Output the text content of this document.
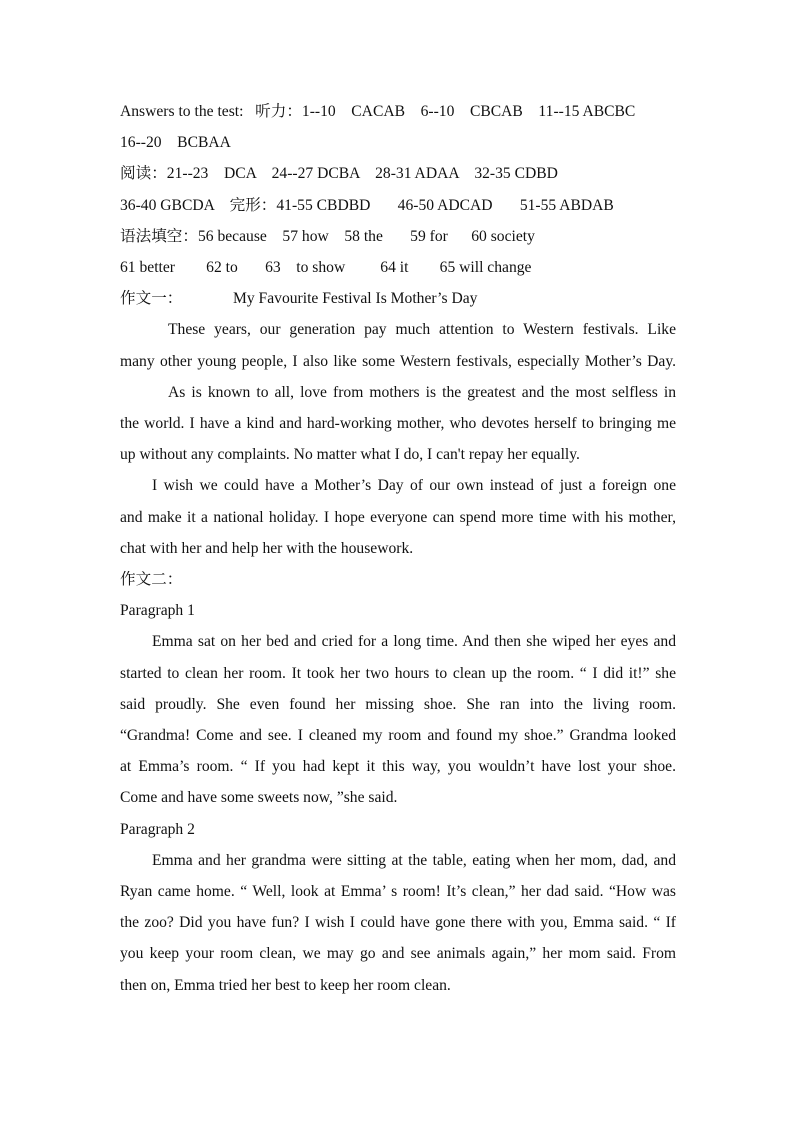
Answers to the test:   听力：1--10    CACAB    6--10    CBCAB    11--15 ABCBC
16--20    BCBAA
阅读：21--23    DCA    24--27 DCBA    28-31 ADAA    32-35 CDBD
36-40 GBCDA    完形：41-55 CBDBD       46-50 ADCAD       51-55 ABDAB
语法填空：56 because    57 how    58 the       59 for      60 society
61 better        62 to       63    to show         64 it        65 will change
作文一：	My Favourite Festival Is Mother’s Day
These years, our generation pay much attention to Western festivals. Like
many other young people, I also like some Western festivals, especially Mother’s Day.
As is known to all, love from mothers is the greatest and the most selfless in
the world. I have a kind and hard-working mother, who devotes herself to bringing me
up without any complaints. No matter what I do, I can't repay her equally.
I wish we could have a Mother’s Day of our own instead of just a foreign one
and make it a national holiday. I hope everyone can spend more time with his mother,
chat with her and help her with the housework.
作文二：
Paragraph 1
Emma sat on her bed and cried for a long time. And then she wiped her eyes and
started to clean her room. It took her two hours to clean up the room. “ I did it!” she
said proudly. She even found her missing shoe. She ran into the living room.
“Grandma! Come and see. I cleaned my room and found my shoe.” Grandma looked
at Emma’s room. “ If you had kept it this way, you wouldn’t have lost your shoe.
Come and have some sweets now, ”she said.
Paragraph 2
Emma and her grandma were sitting at the table, eating when her mom, dad, and
Ryan came home. “ Well, look at Emma’ s room! It’s clean,” her dad said. “How was
the zoo? Did you have fun? I wish I could have gone there with you, Emma said. “ If
you keep your room clean, we may go and see animals again,” her mom said. From
then on, Emma tried her best to keep her room clean.
